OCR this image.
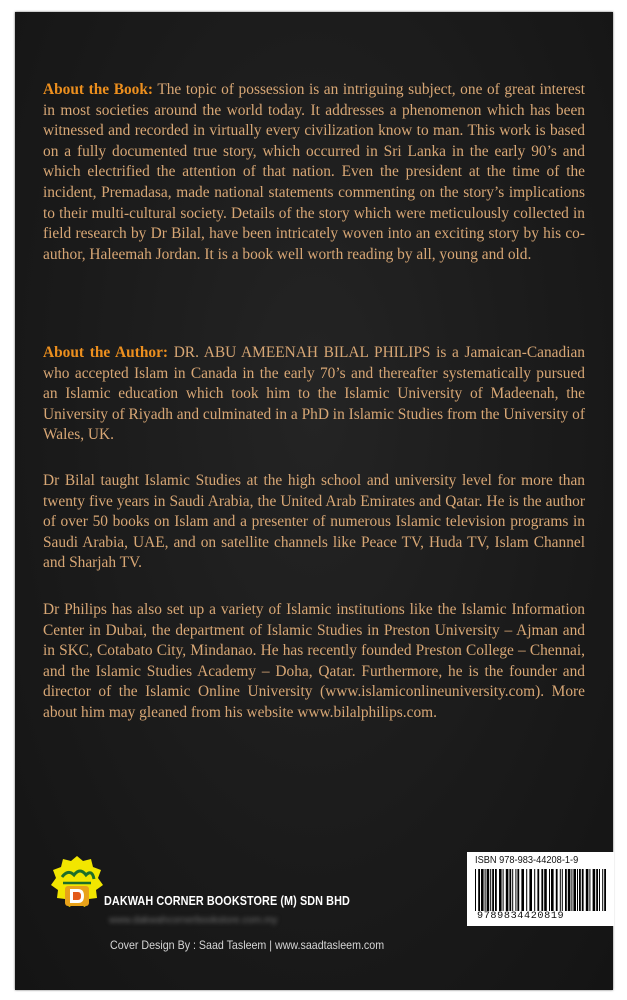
About the Book: The topic of possession is an intriguing subject, one of great interest in most societies around the world today. It addresses a phenomenon which has been witnessed and recorded in virtually every civilization know to man. This work is based on a fully documented true story, which occurred in Sri Lanka in the early 90’s and which electrified the attention of that nation. Even the president at the time of the incident, Premadasa, made national statements commenting on the story’s implications to their multi-cultural society. Details of the story which were meticulously collected in field research by Dr Bilal, have been intricately woven into an exciting story by his co-author, Haleemah Jordan. It is a book well worth reading by all, young and old.

About the Author: DR. ABU AMEENAH BILAL PHILIPS is a Jamaican-Canadian who accepted Islam in Canada in the early 70’s and thereafter systematically pursued an Islamic education which took him to the Islamic University of Madeenah, the University of Riyadh and culminated in a PhD in Islamic Studies from the University of Wales, UK.

Dr Bilal taught Islamic Studies at the high school and university level for more than twenty five years in Saudi Arabia, the United Arab Emirates and Qatar. He is the author of over 50 books on Islam and a presenter of numerous Islamic television programs in Saudi Arabia, UAE, and on satellite channels like Peace TV, Huda TV, Islam Channel and Sharjah TV.

Dr Philips has also set up a variety of Islamic institutions like the Islamic Information Center in Dubai, the department of Islamic Studies in Preston University – Ajman and in SKC, Cotabato City, Mindanao. He has recently founded Preston College – Chennai, and the Islamic Studies Academy – Doha, Qatar. Furthermore, he is the founder and director of the Islamic Online University (www.islamiconlineuniversity.com). More about him may gleaned from his website www.bilalphilips.com.

DAKWAH CORNER BOOKSTORE (M) SDN BHD
www.dakwahcornerbookstore.com.my
Cover Design By : Saad Tasleem | www.saadtasleem.com
ISBN 978-983-44208-1-9
9789834420819
